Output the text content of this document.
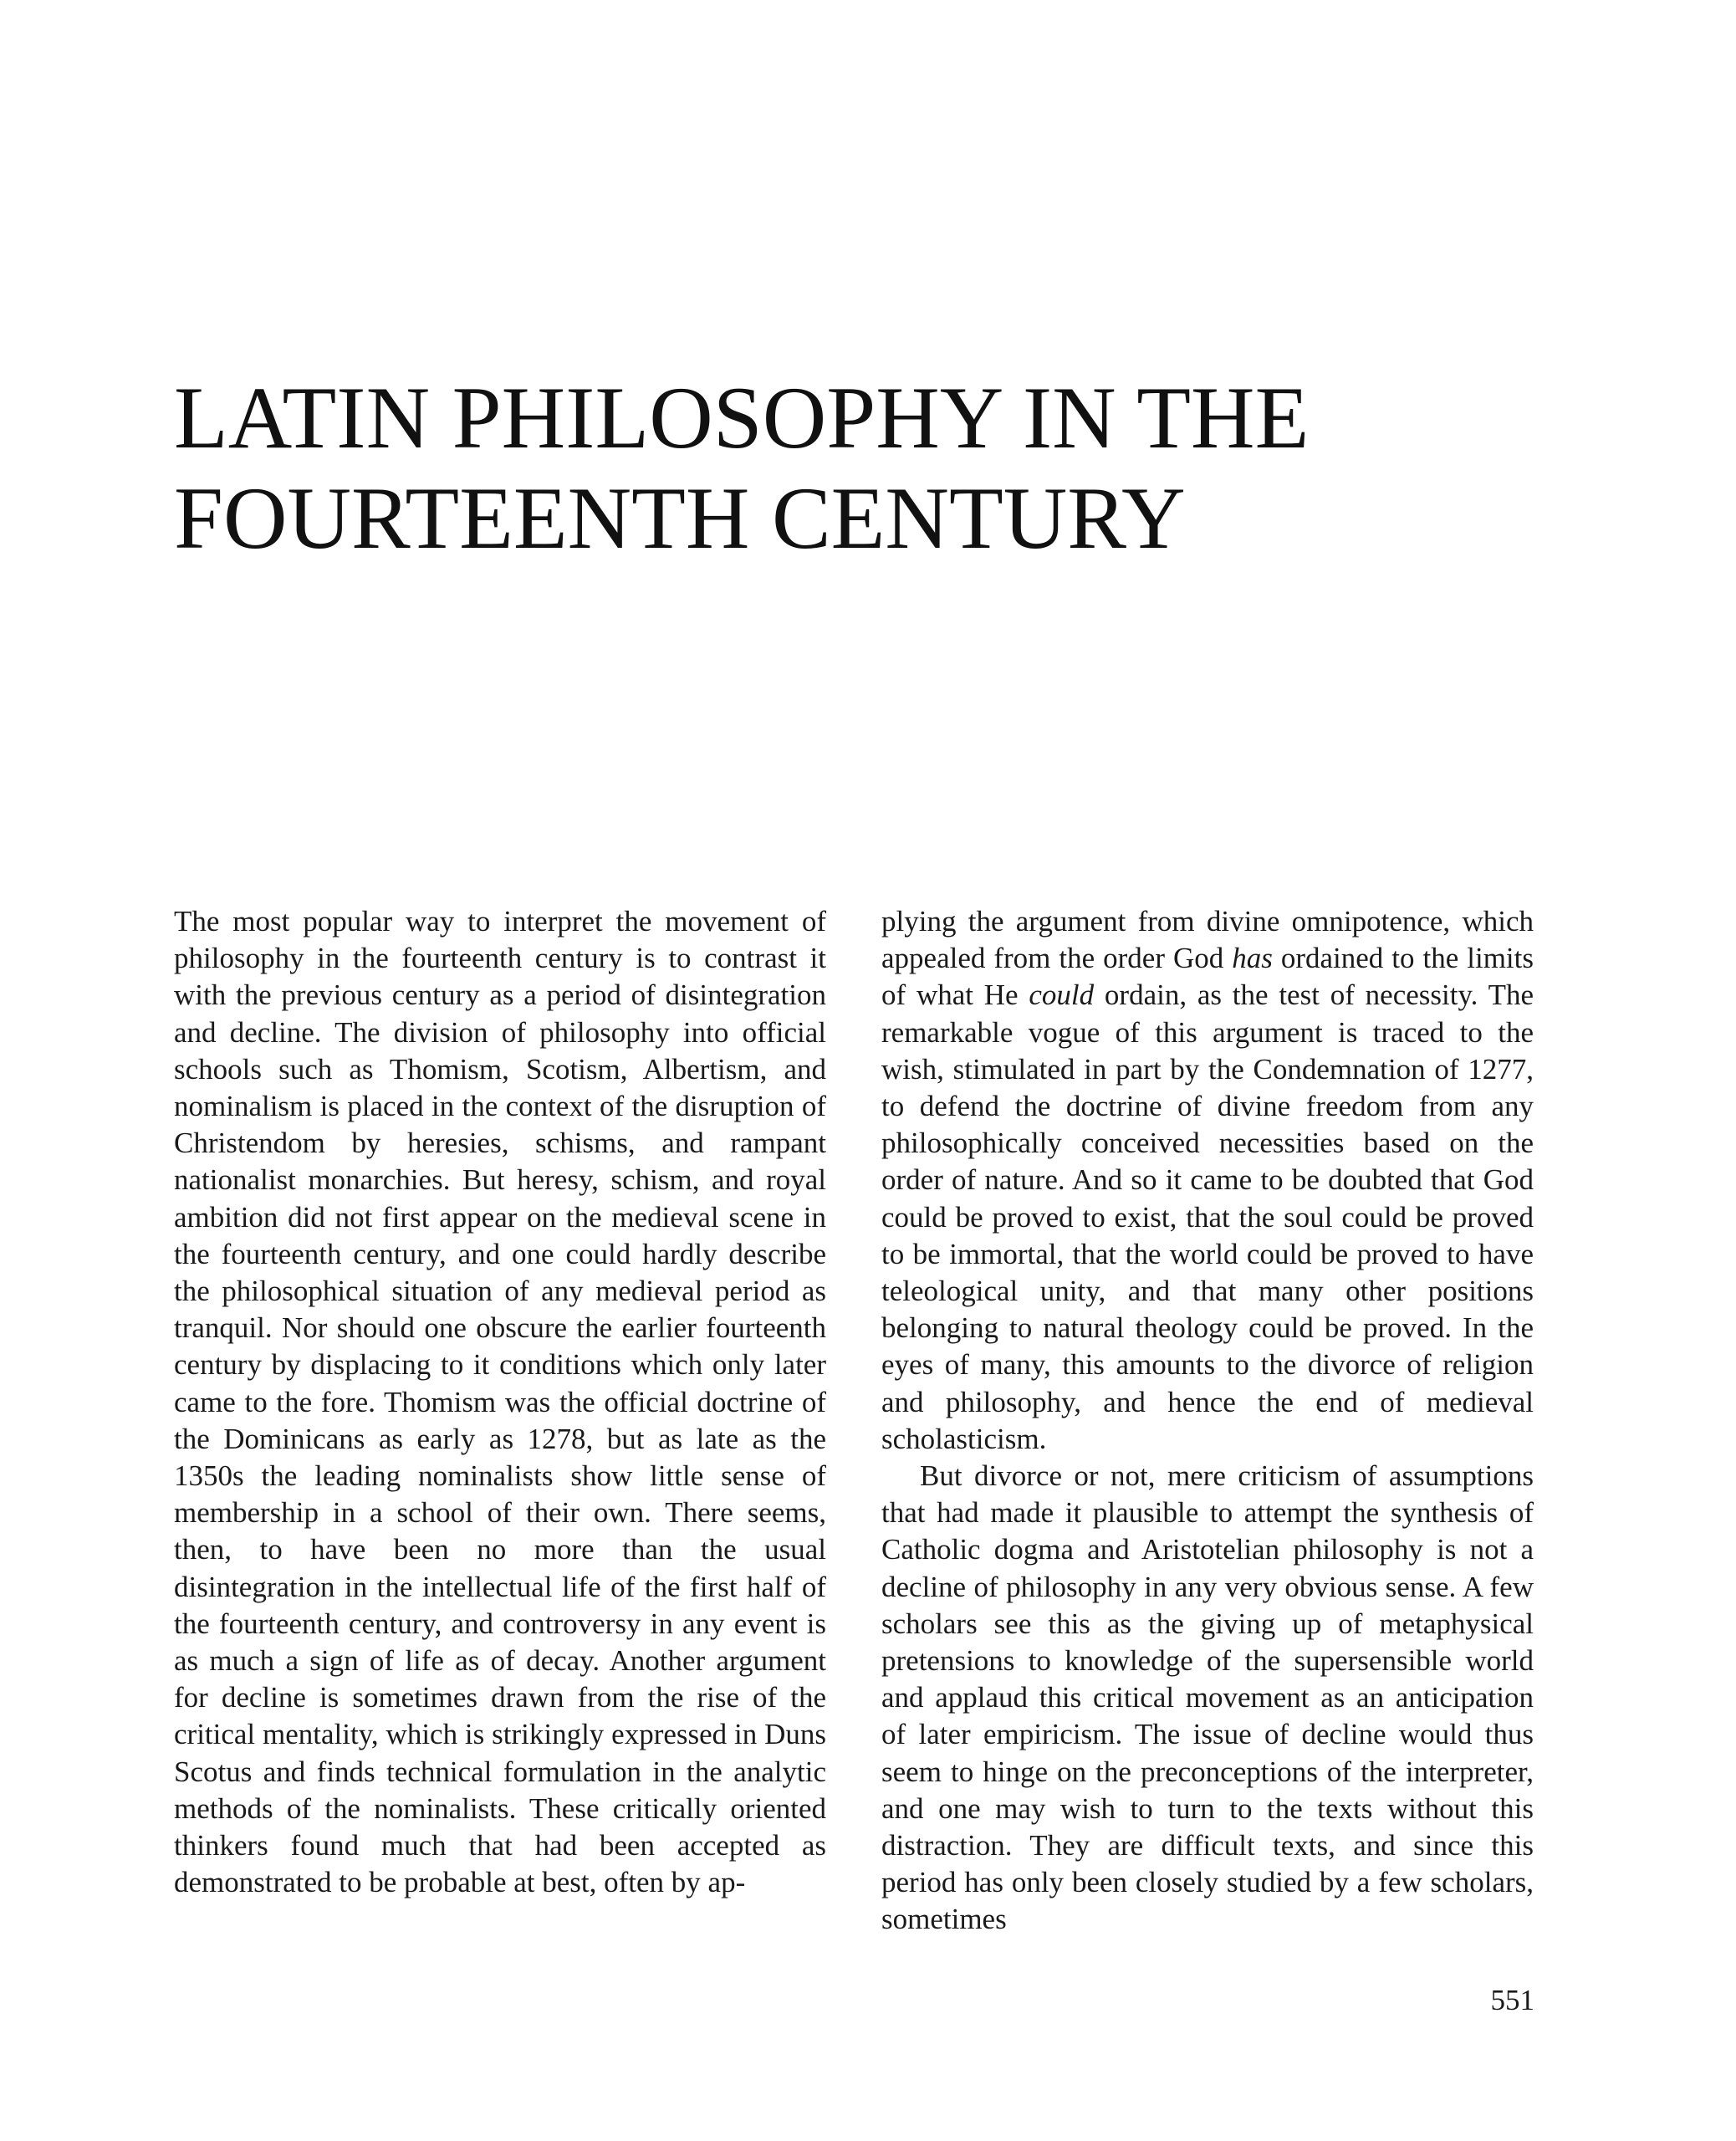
LATIN PHILOSOPHY IN THE
FOURTEENTH CENTURY

The most popular way to interpret the movement of philosophy in the fourteenth century is to contrast it with the previous century as a period of disintegration and decline. The division of philosophy into official schools such as Thomism, Scotism, Albertism, and nominalism is placed in the context of the disruption of Christendom by heresies, schisms, and rampant nationalist monarchies. But heresy, schism, and royal ambition did not first appear on the medieval scene in the fourteenth century, and one could hardly describe the philosophical situation of any medieval period as tranquil. Nor should one obscure the earlier fourteenth century by displacing to it conditions which only later came to the fore. Thomism was the official doctrine of the Dominicans as early as 1278, but as late as the 1350s the leading nominalists show little sense of membership in a school of their own. There seems, then, to have been no more than the usual disintegration in the intellectual life of the first half of the fourteenth century, and controversy in any event is as much a sign of life as of decay. Another argument for decline is sometimes drawn from the rise of the critical mentality, which is strikingly expressed in Duns Scotus and finds technical formulation in the analytic methods of the nominalists. These critically oriented thinkers found much that had been accepted as demonstrated to be probable at best, often by ap-

plying the argument from divine omnipotence, which appealed from the order God has ordained to the limits of what He could ordain, as the test of necessity. The remarkable vogue of this argument is traced to the wish, stimulated in part by the Condemnation of 1277, to defend the doctrine of divine freedom from any philosophically conceived necessities based on the order of nature. And so it came to be doubted that God could be proved to exist, that the soul could be proved to be immortal, that the world could be proved to have teleological unity, and that many other positions belonging to natural theology could be proved. In the eyes of many, this amounts to the divorce of religion and philosophy, and hence the end of medieval scholasticism.

But divorce or not, mere criticism of assumptions that had made it plausible to attempt the synthesis of Catholic dogma and Aristotelian philosophy is not a decline of philosophy in any very obvious sense. A few scholars see this as the giving up of metaphysical pretensions to knowledge of the supersensible world and applaud this critical movement as an anticipation of later empiricism. The issue of decline would thus seem to hinge on the preconceptions of the interpreter, and one may wish to turn to the texts without this distraction. They are difficult texts, and since this period has only been closely studied by a few scholars, sometimes

551
